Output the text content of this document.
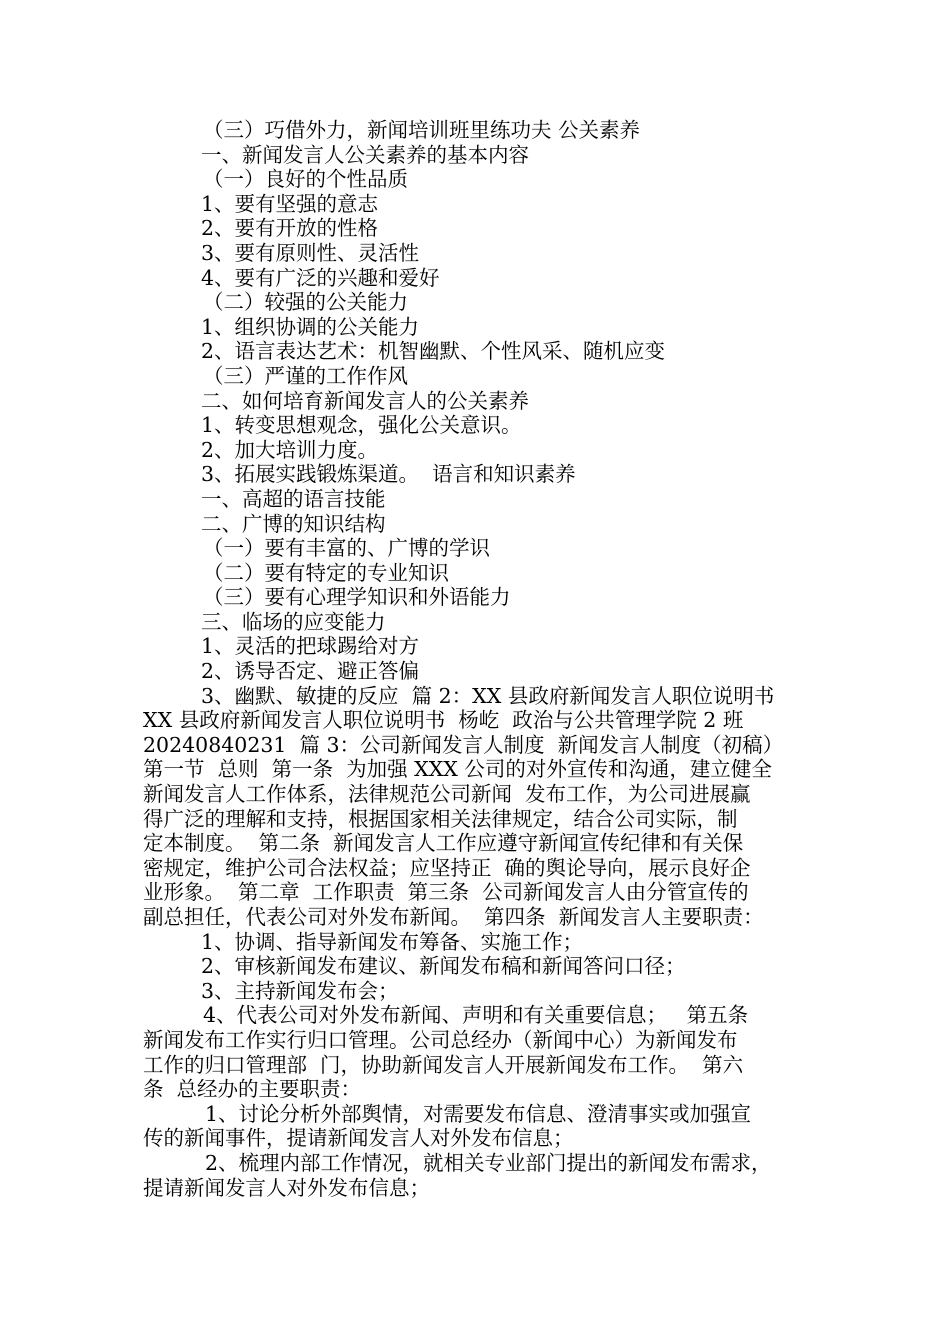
（三）巧借外力，新闻培训班里练功夫 公关素养
一、新闻发言人公关素养的基本内容
（一）良好的个性品质
1、要有坚强的意志
2、要有开放的性格
3、要有原则性、灵活性
4、要有广泛的兴趣和爱好
（二）较强的公关能力
1、组织协调的公关能力
2、语言表达艺术：机智幽默、个性风采、随机应变
（三）严谨的工作作风
二、如何培育新闻发言人的公关素养
1、转变思想观念，强化公关意识。
2、加大培训力度。
3、拓展实践锻炼渠道。  语言和知识素养
一、高超的语言技能
二、广博的知识结构
（一）要有丰富的、广博的学识
（二）要有特定的专业知识
（三）要有心理学知识和外语能力
三、临场的应变能力
1、灵活的把球踢给对方
2、诱导否定、避正答偏
3、幽默、敏捷的反应  篇 2：XX 县政府新闻发言人职位说明书
XX 县政府新闻发言人职位说明书  杨屹  政治与公共管理学院 2 班
20240840231  篇 3：公司新闻发言人制度  新闻发言人制度（初稿）
第一节  总则  第一条  为加强 XXX 公司的对外宣传和沟通，建立健全
新闻发言人工作体系，法律规范公司新闻  发布工作，为公司进展赢
得广泛的理解和支持，根据国家相关法律规定，结合公司实际，制
定本制度。  第二条  新闻发言人工作应遵守新闻宣传纪律和有关保
密规定，维护公司合法权益；应坚持正  确的舆论导向，展示良好企
业形象。  第二章  工作职责  第三条  公司新闻发言人由分管宣传的
副总担任，代表公司对外发布新闻。  第四条  新闻发言人主要职责：
1、协调、指导新闻发布筹备、实施工作；
2、审核新闻发布建议、新闻发布稿和新闻答问口径；
3、主持新闻发布会；
4、代表公司对外发布新闻、声明和有关重要信息；   第五条
新闻发布工作实行归口管理。公司总经办（新闻中心）为新闻发布
工作的归口管理部  门，协助新闻发言人开展新闻发布工作。  第六
条  总经办的主要职责：
1、讨论分析外部舆情，对需要发布信息、澄清事实或加强宣
传的新闻事件，提请新闻发言人对外发布信息；
2、梳理内部工作情况，就相关专业部门提出的新闻发布需求，
提请新闻发言人对外发布信息；
